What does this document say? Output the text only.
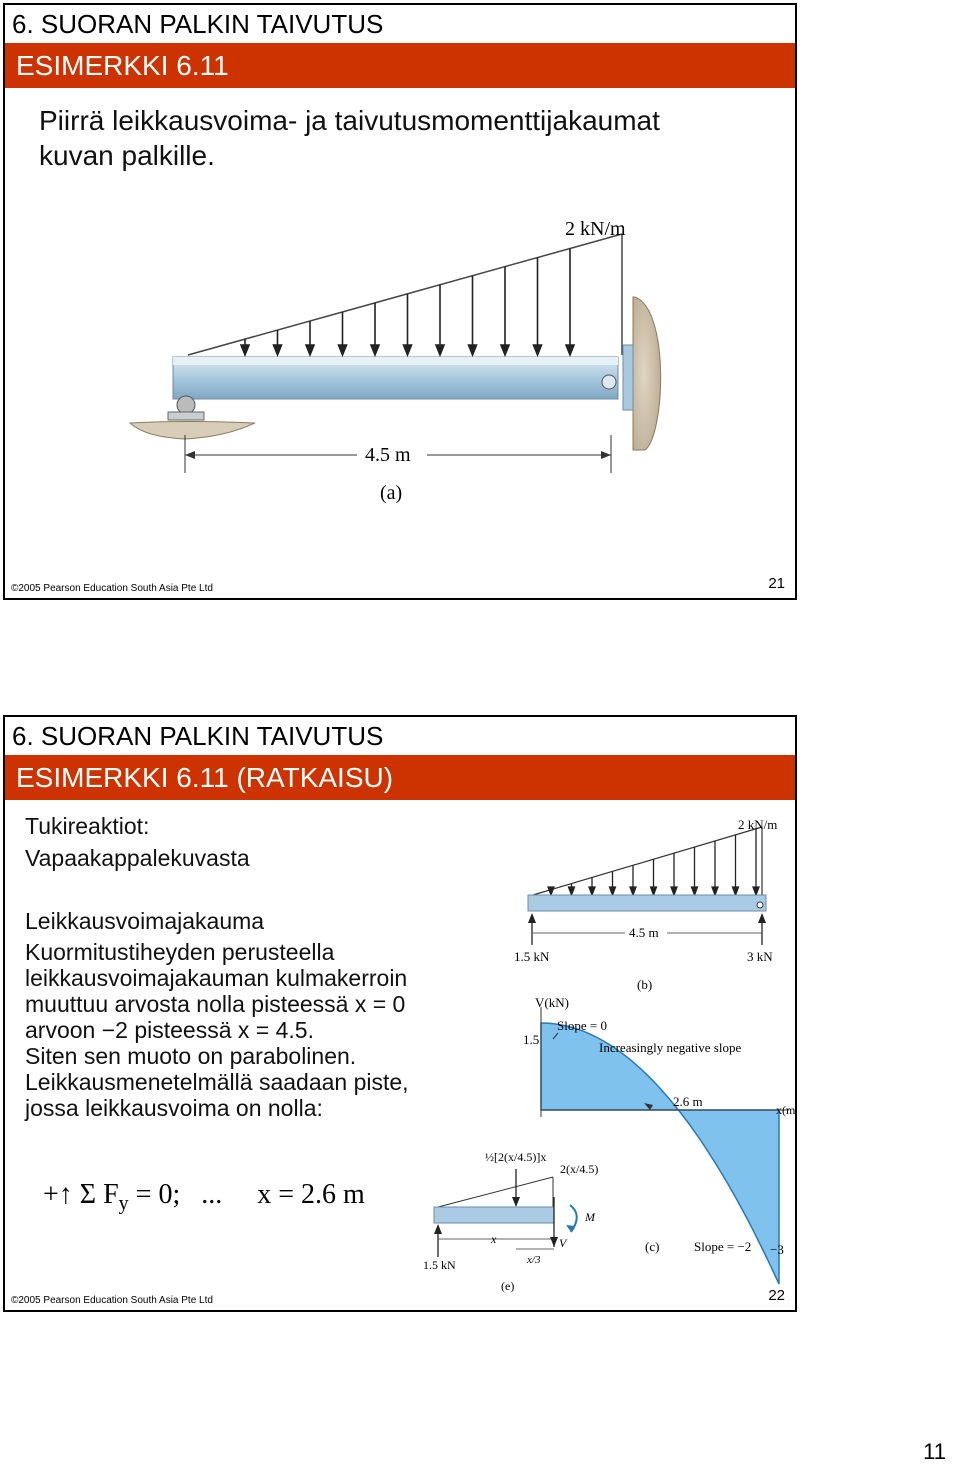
6. SUORAN PALKIN TAIVUTUS
ESIMERKKI 6.11
Piirrä leikkausvoima- ja taivutusmomenttijakaumat
kuvan palkille.
2 kN/m
4.5 m
(a)
©2005 Pearson Education South Asia Pte Ltd	21
6. SUORAN PALKIN TAIVUTUS
ESIMERKKI 6.11 (RATKAISU)
Tukireaktiot:
Vapaakappalekuvasta
Leikkausvoimajakauma
Kuormitustiheyden perusteella
leikkausvoimajakauman kulmakerroin
muuttuu arvosta nolla pisteessä x = 0
arvoon −2 pisteessä x = 4.5.
Siten sen muoto on parabolinen.
Leikkausmenetelmällä saadaan piste,
jossa leikkausvoima on nolla:
+↑ Σ $F_y = 0$;   ...     x = 2.6 m
2 kN/m
4.5 m
1.5 kN	3 kN
(b)
V(kN)
x(m)
1.5
Slope = 0
Increasingly negative slope
2.6 m
Slope = −2 −3
(c)
½[2(x/4.5)]x
2(x/4.5)
1.5 kN
x
x/3
V
M
(e)
©2005 Pearson Education South Asia Pte Ltd	22
11
